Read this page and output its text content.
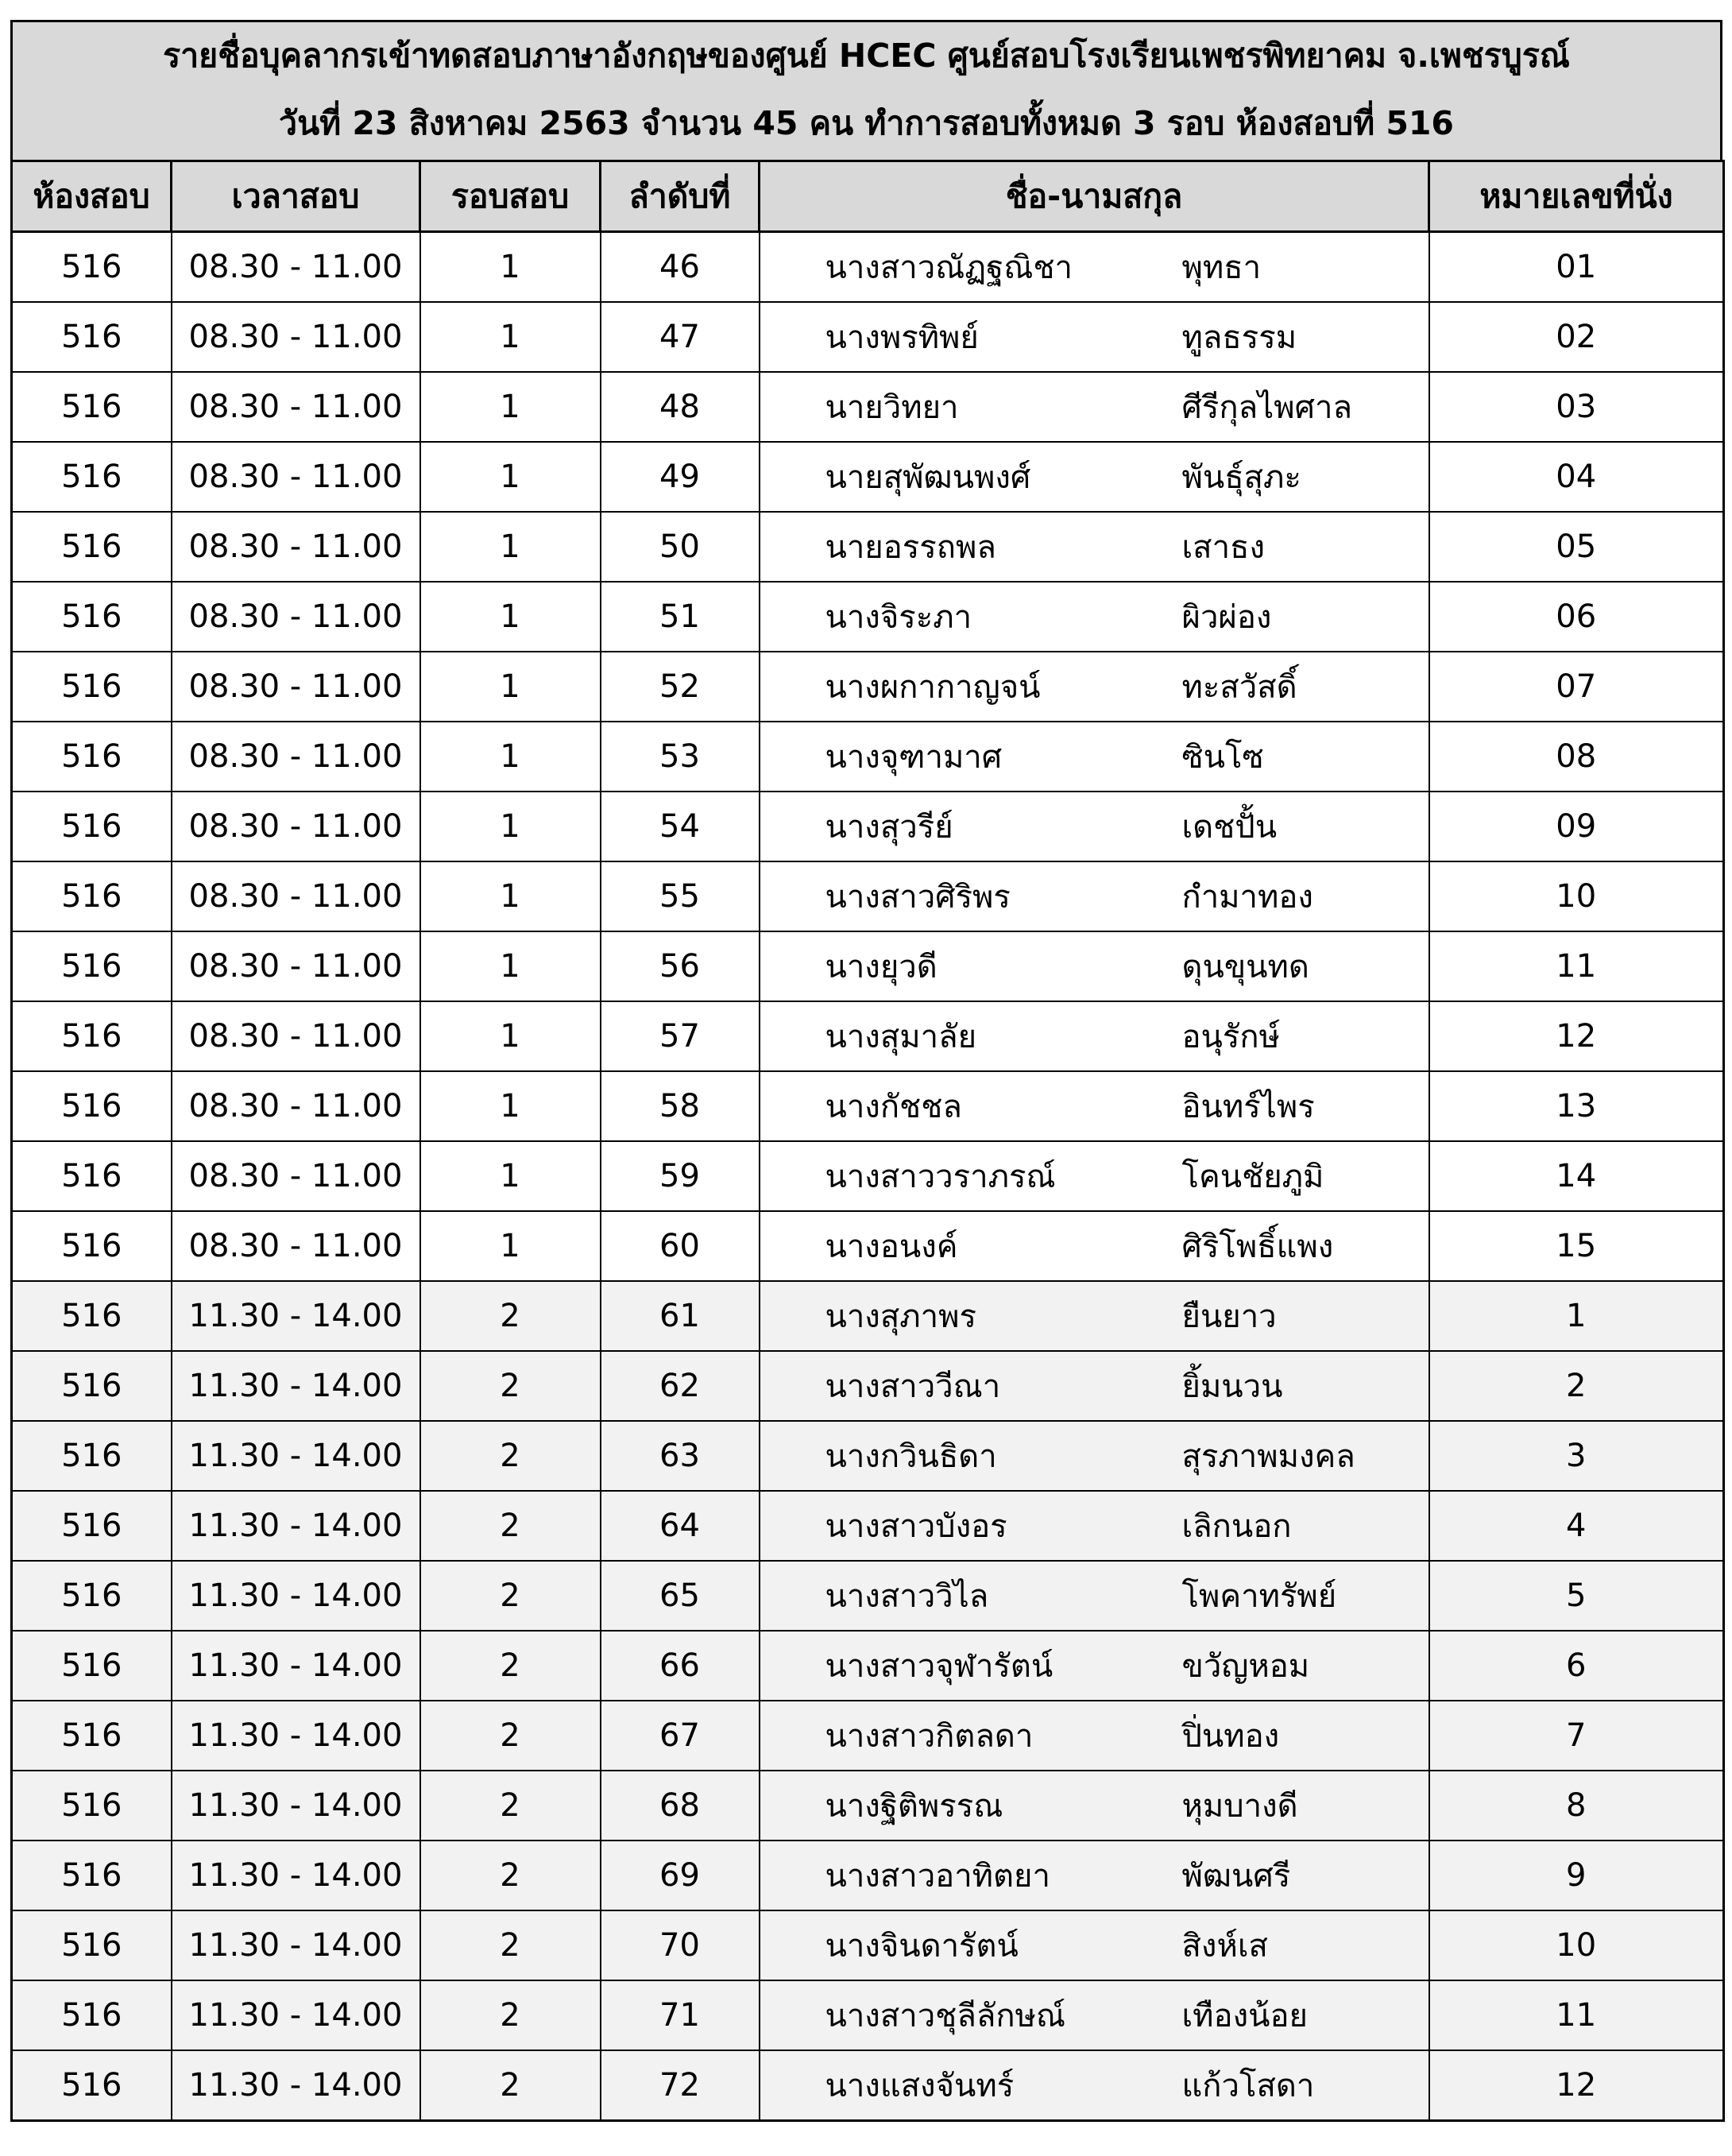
รายชื่อบุคลากรเข้าทดสอบภาษาอังกฤษของศูนย์ HCEC ศูนย์สอบโรงเรียนเพชรพิทยาคม จ.เพชรบูรณ์
วันที่ 23 สิงหาคม 2563 จำนวน 45 คน ทำการสอบทั้งหมด 3 รอบ ห้องสอบที่ 516
ห้องสอบ	เวลาสอบ	รอบสอบ	ลำดับที่	ชื่อ-นามสกุล		หมายเลขที่นั่ง
516	08.30 - 11.00	1	46	นางสาวณัฏฐณิชา	พุทธา	01
516	08.30 - 11.00	1	47	นางพรทิพย์	ทูลธรรม	02
516	08.30 - 11.00	1	48	นายวิทยา	ศีรีกุลไพศาล	03
516	08.30 - 11.00	1	49	นายสุพัฒนพงศ์	พันธุ์สุภะ	04
516	08.30 - 11.00	1	50	นายอรรถพล	เสาธง	05
516	08.30 - 11.00	1	51	นางจิระภา	ผิวผ่อง	06
516	08.30 - 11.00	1	52	นางผกากาญจน์	ทะสวัสดิ์	07
516	08.30 - 11.00	1	53	นางจุฑามาศ	ซินโซ	08
516	08.30 - 11.00	1	54	นางสุวรีย์	เดชปั้น	09
516	08.30 - 11.00	1	55	นางสาวศิริพร	กำมาทอง	10
516	08.30 - 11.00	1	56	นางยุวดี	ดุนขุนทด	11
516	08.30 - 11.00	1	57	นางสุมาลัย	อนุรักษ์	12
516	08.30 - 11.00	1	58	นางกัชชล	อินทร์ไพร	13
516	08.30 - 11.00	1	59	นางสาววราภรณ์	โคนชัยภูมิ	14
516	08.30 - 11.00	1	60	นางอนงค์	ศิริโพธิ์แพง	15
516	11.30 - 14.00	2	61	นางสุภาพร	ยืนยาว	1
516	11.30 - 14.00	2	62	นางสาววีณา	ยิ้มนวน	2
516	11.30 - 14.00	2	63	นางกวินธิดา	สุรภาพมงคล	3
516	11.30 - 14.00	2	64	นางสาวบังอร	เลิกนอก	4
516	11.30 - 14.00	2	65	นางสาววิไล	โพคาทรัพย์	5
516	11.30 - 14.00	2	66	นางสาวจุฬารัตน์	ขวัญหอม	6
516	11.30 - 14.00	2	67	นางสาวกิตลดา	ปิ่นทอง	7
516	11.30 - 14.00	2	68	นางฐิติพรรณ	หุมบางดี	8
516	11.30 - 14.00	2	69	นางสาวอาทิตยา	พัฒนศรี	9
516	11.30 - 14.00	2	70	นางจินดารัตน์	สิงห์เส	10
516	11.30 - 14.00	2	71	นางสาวชุลีลักษณ์	เทืองน้อย	11
516	11.30 - 14.00	2	72	นางแสงจันทร์	แก้วโสดา	12
